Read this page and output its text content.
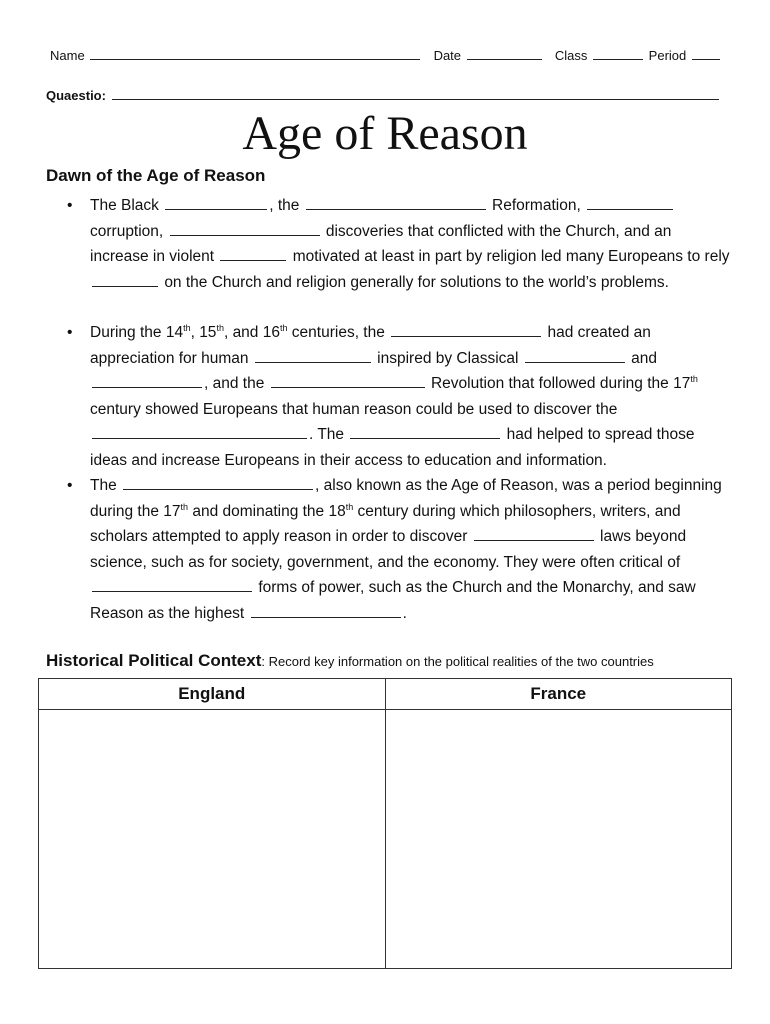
Name	Date	Class	Period
Quaestio:
Age of Reason
Dawn of the Age of Reason

• The Black	, the	Reformation,  corruption,	discoveries that conflicted with the Church, and an increase in violent	motivated at least in part by religion led many Europeans to rely  on the Church and religion generally for solutions to the world’s problems.

• During the 14th, 15th, and 16th centuries, the	had created an appreciation for human	inspired by Classical	and , and the	Revolution that followed during the 17th century showed Europeans that human reason could be used to discover the . The	had helped to spread those ideas and increase Europeans in their access to education and information.

• The	, also known as the Age of Reason, was a period beginning during the 17th and dominating the 18th century during which philosophers, writers, and scholars attempted to apply reason in order to discover	laws beyond science, such as for society, government, and the economy. They were often critical of  forms of power, such as the Church and the Monarchy, and saw Reason as the highest	.

Historical Political Context: Record key information on the political realities of the two countries
England	France
